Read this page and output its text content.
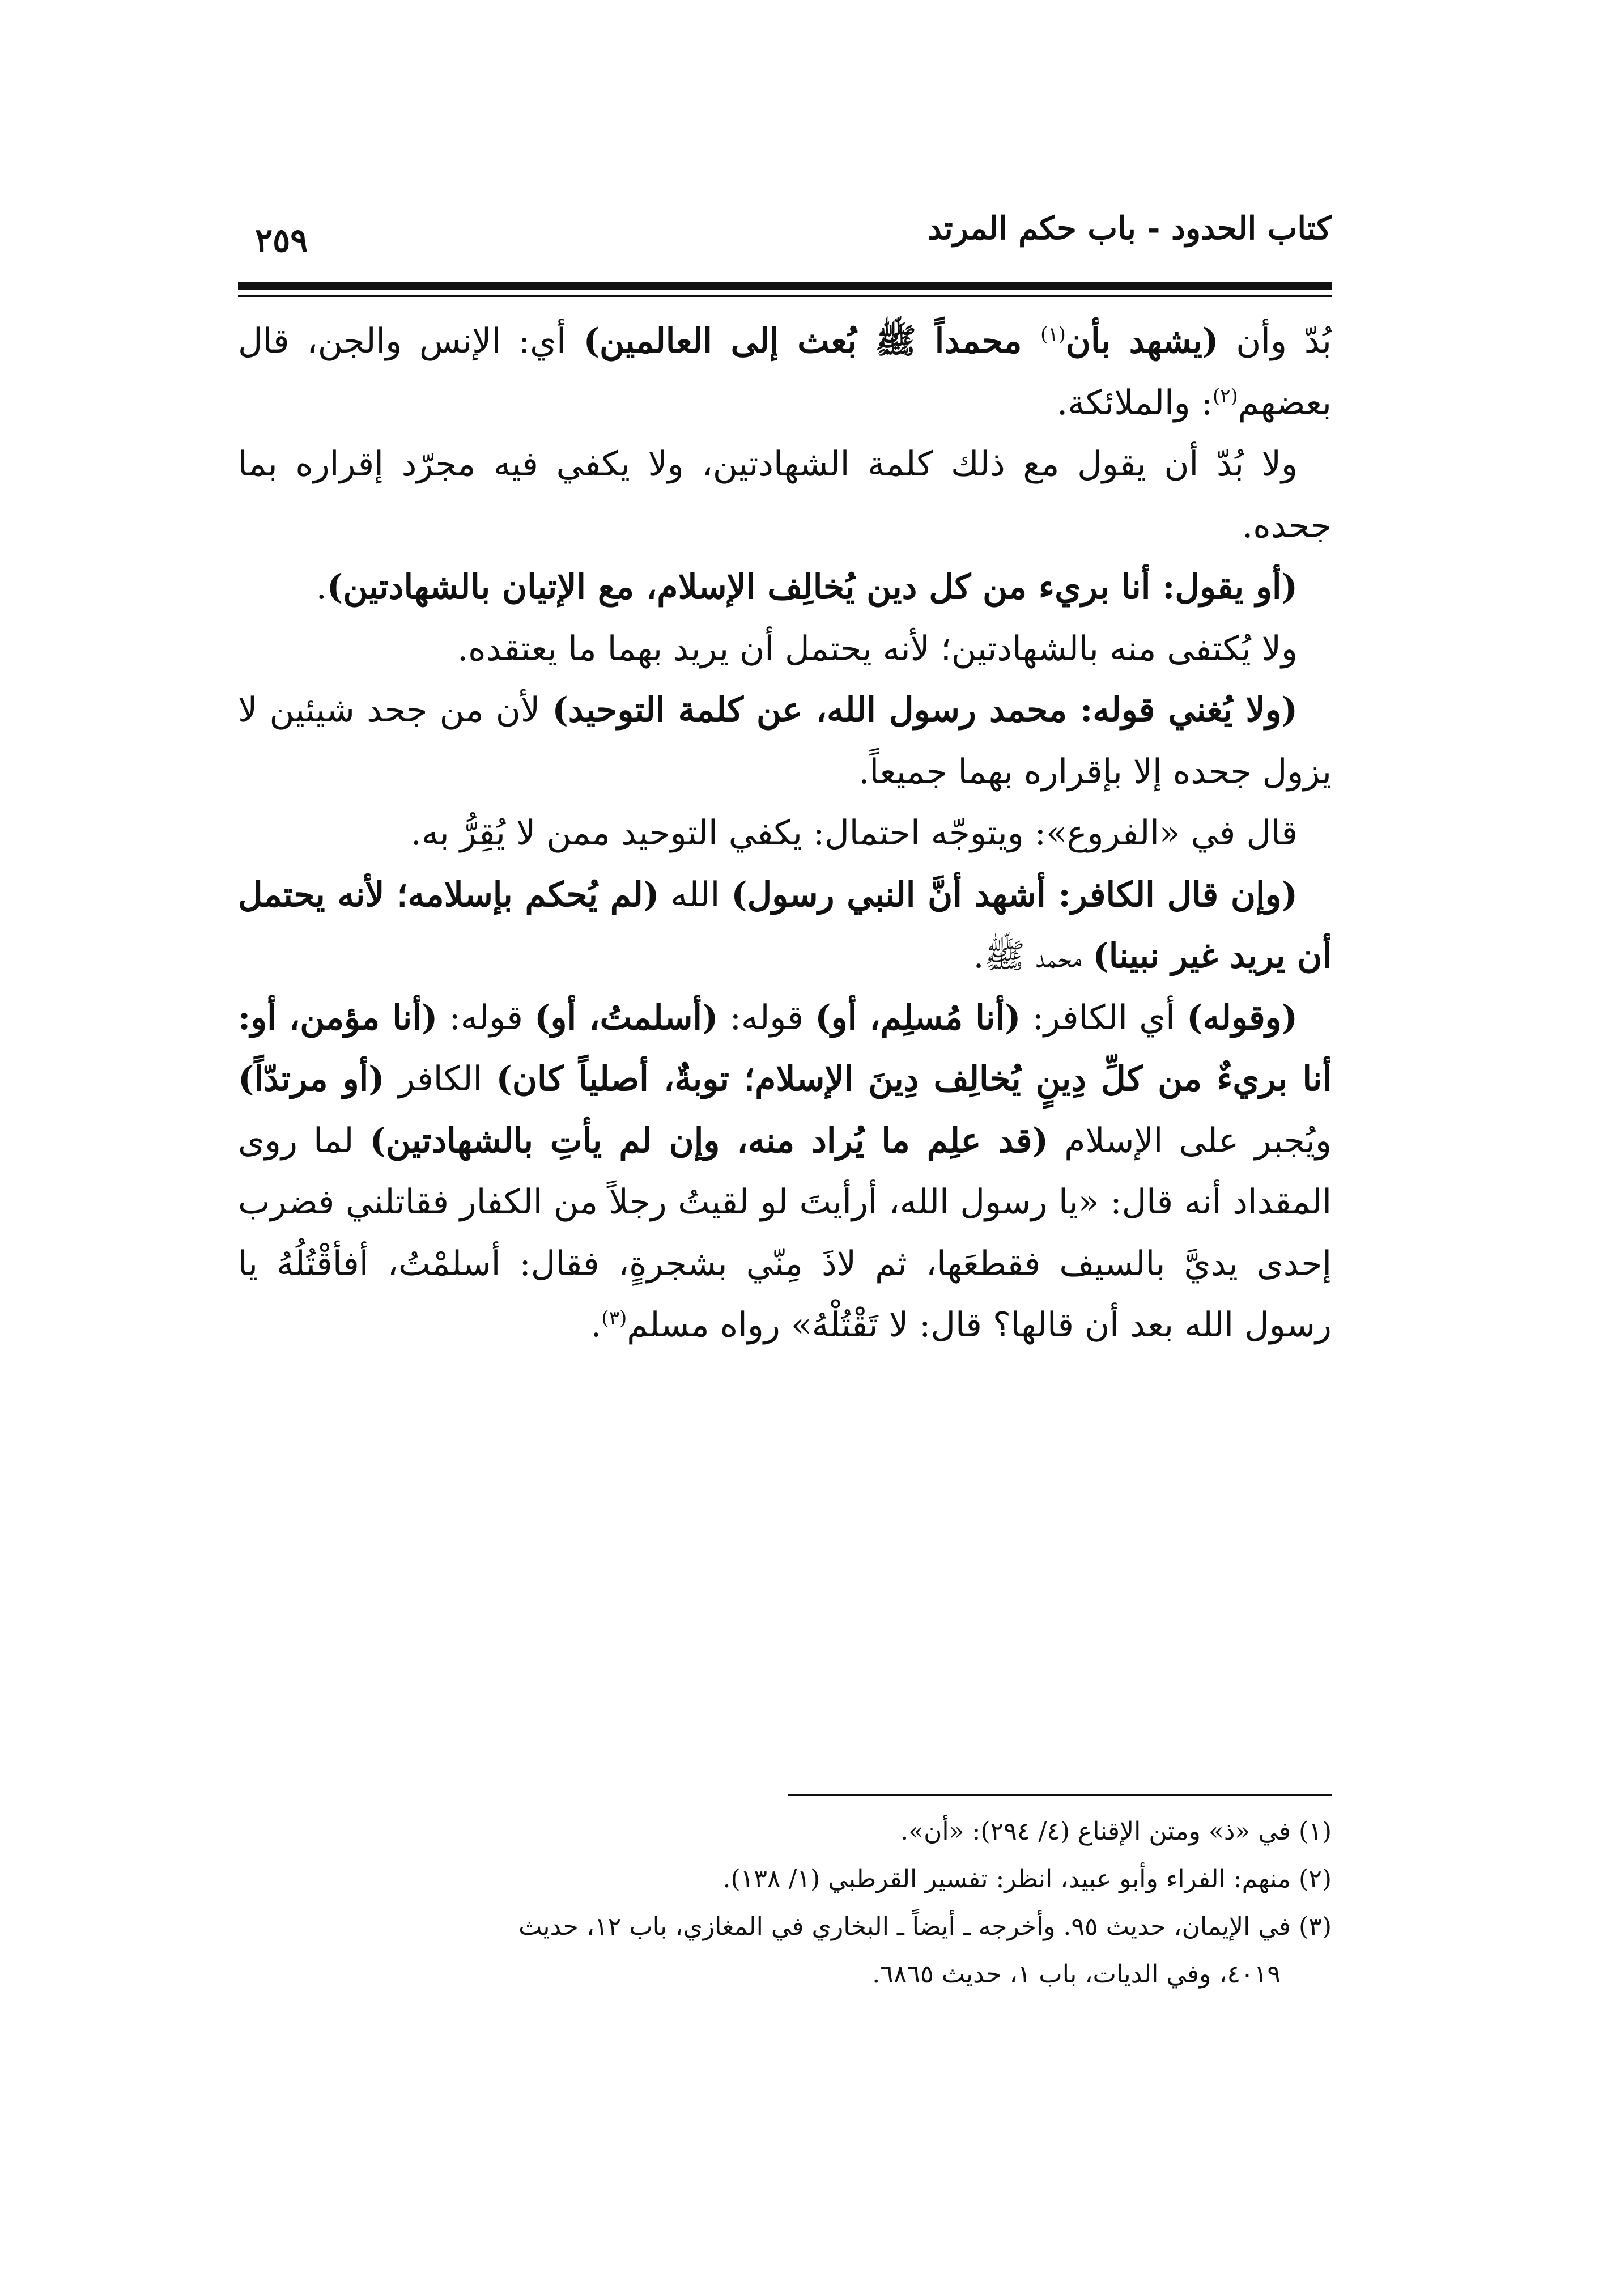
كتاب الحدود - باب حكم المرتد
٢٥٩

بُدّ وأن (يشهد بأن$^{(١)}$ محمداً ﷺ بُعث إلى العالمين) أي: الإنس والجن، قال بعضهم$^{(٢)}$: والملائكة.

ولا بُدّ أن يقول مع ذلك كلمة الشهادتين، ولا يكفي فيه مجرّد إقراره بما جحده.

(أو يقول: أنا بريء من كل دين يُخالِف الإسلام، مع الإتيان بالشهادتين).

ولا يُكتفى منه بالشهادتين؛ لأنه يحتمل أن يريد بهما ما يعتقده.

(ولا يُغني قوله: محمد رسول الله، عن كلمة التوحيد) لأن من جحد شيئين لا يزول جحده إلا بإقراره بهما جميعاً.

قال في «الفروع»: ويتوجّه احتمال: يكفي التوحيد ممن لا يُقِرُّ به.

(وإن قال الكافر: أشهد أنَّ النبي رسول) الله (لم يُحكم بإسلامه؛ لأنه يحتمل أن يريد غير نبينا) محمد ﷺ.

(وقوله) أي الكافر: (أنا مُسلِم، أو) قوله: (أسلمتُ، أو) قوله: (أنا مؤمن، أو: أنا بريءٌ من كلِّ دِينٍ يُخالِف دِينَ الإسلام؛ توبةٌ، أصلياً كان) الكافر (أو مرتدّاً) ويُجبر على الإسلام (قد علِم ما يُراد منه، وإن لم يأتِ بالشهادتين) لما روى المقداد أنه قال: «يا رسول الله، أرأيتَ لو لقيتُ رجلاً من الكفار فقاتلني فضرب إحدى يديَّ بالسيف فقطعَها، ثم لاذَ مِنّي بشجرةٍ، فقال: أسلمْتُ، أفأقْتُلُهُ يا رسول الله بعد أن قالها؟ قال: لا تَقْتُلْهُ» رواه مسلم$^{(٣)}$.

(١) في «ذ» ومتن الإقناع (٤/ ٢٩٤): «أن».

(٢) منهم: الفراء وأبو عبيد، انظر: تفسير القرطبي (١/ ١٣٨).

(٣) في الإيمان، حديث ٩٥. وأخرجه ـ أيضاً ـ البخاري في المغازي، باب ١٢، حديث

٤٠١٩، وفي الديات، باب ١، حديث ٦٨٦٥.
